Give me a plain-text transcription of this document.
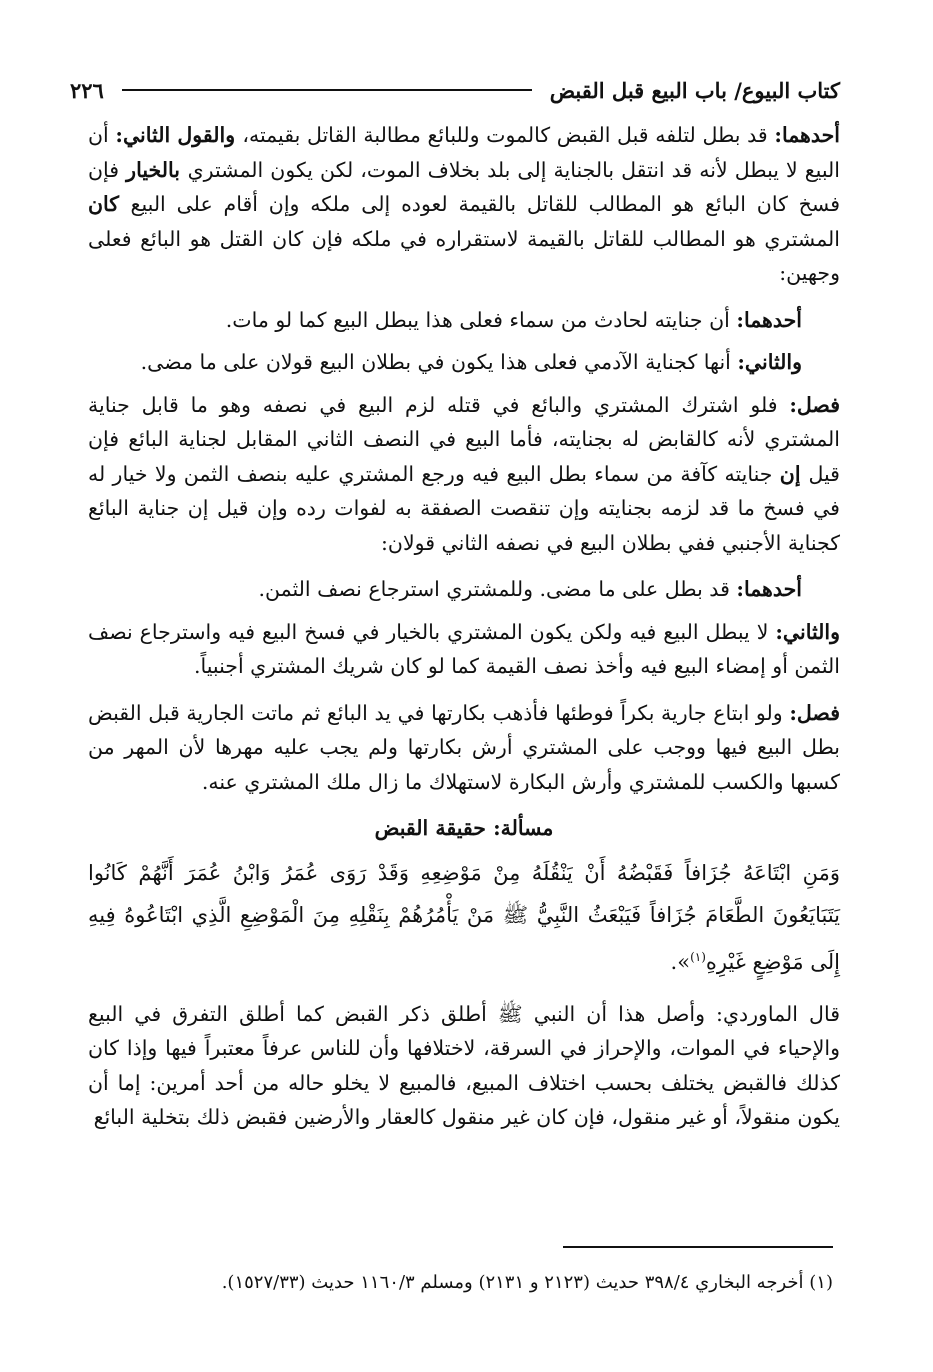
كتاب البيوع/ باب البيع قبل القبض
٢٢٦

أحدهما: قد بطل لتلفه قبل القبض كالموت وللبائع مطالبة القاتل بقيمته، والقول الثاني: أن البيع لا يبطل لأنه قد انتقل بالجناية إلى بلد بخلاف الموت، لكن يكون المشتري بالخيار فإن فسخ كان البائع هو المطالب للقاتل بالقيمة لعوده إلى ملكه وإن أقام على البيع كان المشتري هو المطالب للقاتل بالقيمة لاستقراره في ملكه فإن كان القتل هو البائع فعلى وجهين:

أحدهما: أن جنايته لحادث من سماء فعلى هذا يبطل البيع كما لو مات.

والثاني: أنها كجناية الآدمي فعلى هذا يكون في بطلان البيع قولان على ما مضى.

فصل: فلو اشترك المشتري والبائع في قتله لزم البيع في نصفه وهو ما قابل جناية المشتري لأنه كالقابض له بجنايته، فأما البيع في النصف الثاني المقابل لجناية البائع فإن قيل إن جنايته كآفة من سماء بطل البيع فيه ورجع المشتري عليه بنصف الثمن ولا خيار له في فسخ ما قد لزمه بجنايته وإن تنقصت الصفقة به لفوات رده وإن قيل إن جناية البائع كجناية الأجنبي ففي بطلان البيع في نصفه الثاني قولان:

أحدهما: قد بطل على ما مضى. وللمشتري استرجاع نصف الثمن.

والثاني: لا يبطل البيع فيه ولكن يكون المشتري بالخيار في فسخ البيع فيه واسترجاع نصف الثمن أو إمضاء البيع فيه وأخذ نصف القيمة كما لو كان شريك المشتري أجنبياً.

فصل: ولو ابتاع جارية بكراً فوطئها فأذهب بكارتها في يد البائع ثم ماتت الجارية قبل القبض بطل البيع فيها ووجب على المشتري أرش بكارتها ولم يجب عليه مهرها لأن المهر من كسبها والكسب للمشتري وأرش البكارة لاستهلاك ما زال ملك المشتري عنه.

مسألة: حقيقة القبض

وَمَنِ ابْتَاعَهُ جُزَافاً فَقَبْضُهُ أَنْ يَنْقُلَهُ مِنْ مَوْضِعِهِ وَقَدْ رَوَى عُمَرُ وَابْنُ عُمَرَ أَنَّهُمْ كَانُوا يَتَبَايَعُونَ الطَّعَامَ جُزَافاً فَيَبْعَثُ النَّبِيُّ ﷺ مَنْ يَأْمُرُهُمْ بِنَقْلِهِ مِنَ الْمَوْضِعِ الَّذِي ابْتَاعُوهُ فِيهِ إِلَى مَوْضِعٍ غَيْرِهِ$^{(١)}$».

قال الماوردي: وأصل هذا أن النبي ﷺ أطلق ذكر القبض كما أطلق التفرق في البيع والإحياء في الموات، والإحراز في السرقة، لاختلافها وأن للناس عرفاً معتبراً فيها وإذا كان كذلك فالقبض يختلف بحسب اختلاف المبيع، فالمبيع لا يخلو حاله من أحد أمرين: إما أن يكون منقولاً، أو غير منقول، فإن كان غير منقول كالعقار والأرضين فقبض ذلك بتخلية البائع

(١) أخرجه البخاري ٣٩٨/٤ حديث (٢١٢٣ و ٢١٣١) ومسلم ١١٦٠/٣ حديث (١٥٢٧/٣٣).
